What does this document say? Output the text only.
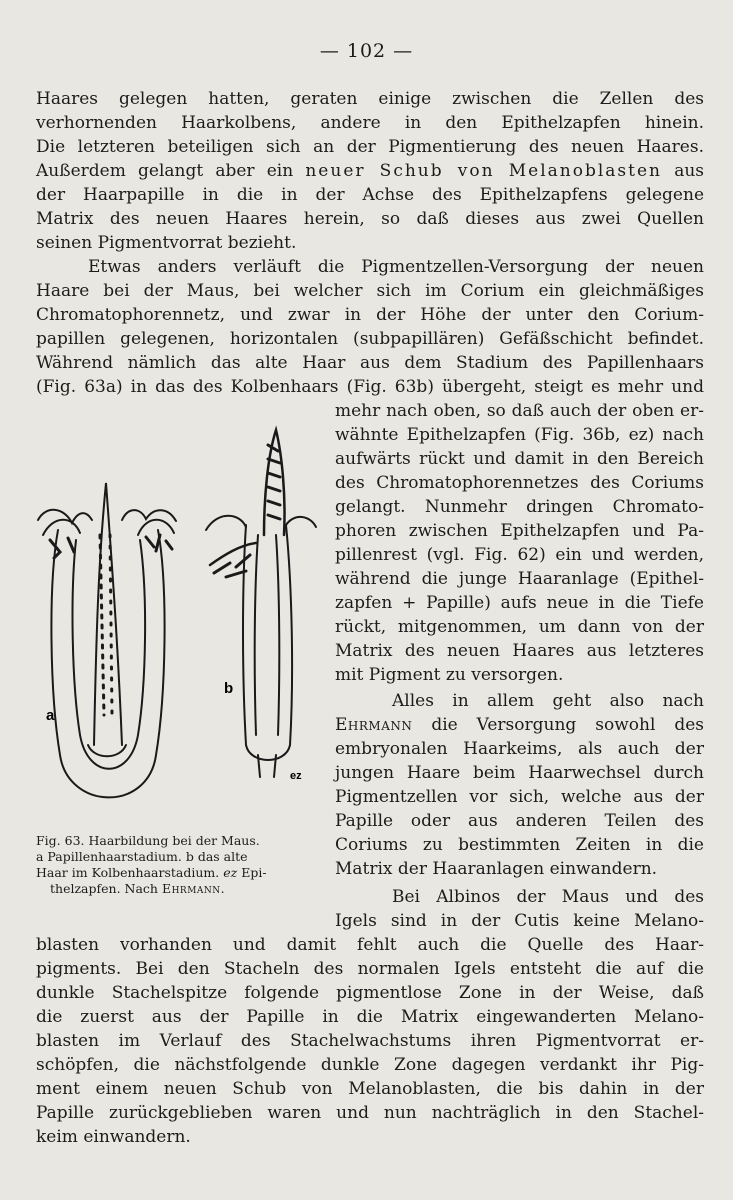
— 102 —
Haares gelegen hatten, geraten einige zwischen die Zellen des
verhornenden Haarkolbens, andere in den Epithelzapfen hinein.
Die letzteren beteiligen sich an der Pigmentierung des neuen Haares.
Außerdem gelangt aber ein neuer Schub von Melanoblasten aus
der Haarpapille in die in der Achse des Epithelzapfens gelegene
Matrix des neuen Haares herein, so daß dieses aus zwei Quellen
seinen Pigmentvorrat bezieht.
Etwas anders verläuft die Pigmentzellen-Versorgung der neuen
Haare bei der Maus, bei welcher sich im Corium ein gleichmäßiges
Chromatophorennetz, und zwar in der Höhe der unter den Corium-
papillen gelegenen, horizontalen (subpapillären) Gefäßschicht befindet.
Während nämlich das alte Haar aus dem Stadium des Papillenhaars
(Fig. 63a) in das des Kolbenhaars (Fig. 63b) übergeht, steigt es mehr und
mehr nach oben, so daß auch der oben er-
wähnte Epithelzapfen (Fig. 36b, ez) nach
aufwärts rückt und damit in den Bereich
des Chromatophorennetzes des Coriums
gelangt. Nunmehr dringen Chromato-
phoren zwischen Epithelzapfen und Pa-
pillenrest (vgl. Fig. 62) ein und werden,
während die junge Haaranlage (Epithel-
zapfen + Papille) aufs neue in die Tiefe
rückt, mitgenommen, um dann von der
Matrix des neuen Haares aus letzteres
mit Pigment zu versorgen.
Alles in allem geht also nach
Ehrmann die Versorgung sowohl des
embryonalen Haarkeims, als auch der
jungen Haare beim Haarwechsel durch
Pigmentzellen vor sich, welche aus der
Papille oder aus anderen Teilen des
Coriums zu bestimmten Zeiten in die
Matrix der Haaranlagen einwandern.
Bei Albinos der Maus und des
Igels sind in der Cutis keine Melano-
blasten vorhanden und damit fehlt auch die Quelle des Haar-
pigments. Bei den Stacheln des normalen Igels entsteht die auf die
dunkle Stachelspitze folgende pigmentlose Zone in der Weise, daß
die zuerst aus der Papille in die Matrix eingewanderten Melano-
blasten im Verlauf des Stachelwachstums ihren Pigmentvorrat er-
schöpfen, die nächstfolgende dunkle Zone dagegen verdankt ihr Pig-
ment einem neuen Schub von Melanoblasten, die bis dahin in der
Papille zurückgeblieben waren und nun nachträglich in den Stachel-
keim einwandern.
a
b
ez
Fig. 63. Haarbildung bei der Maus.
a Papillenhaarstadium. b das alte
Haar im Kolbenhaarstadium. ez Epi-
thelzapfen. Nach Ehrmann.
